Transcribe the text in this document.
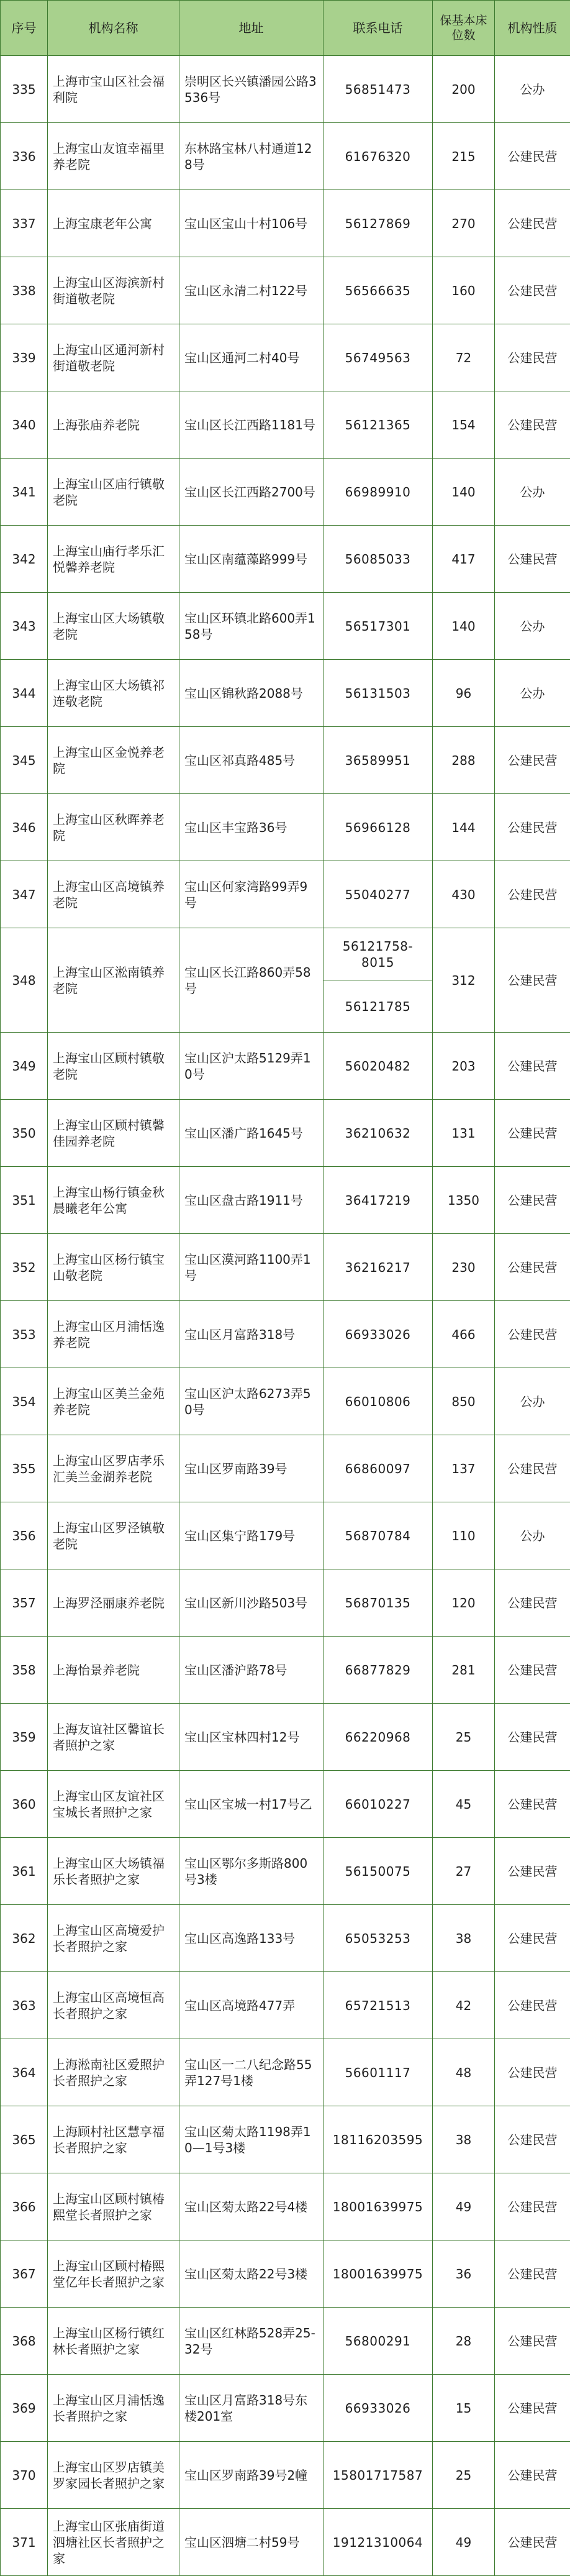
序号	机构名称	地址	联系电话	保基本床位数	机构性质
335	上海市宝山区社会福利院	崇明区长兴镇潘园公路3536号	56851473	200	公办
336	上海宝山友谊幸福里养老院	东林路宝林八村通道128号	61676320	215	公建民营
337	上海宝康老年公寓	宝山区宝山十村106号	56127869	270	公建民营
338	上海宝山区海滨新村街道敬老院	宝山区永清二村122号	56566635	160	公建民营
339	上海宝山区通河新村街道敬老院	宝山区通河二村40号	56749563	72	公建民营
340	上海张庙养老院	宝山区长江西路1181号	56121365	154	公建民营
341	上海宝山区庙行镇敬老院	宝山区长江西路2700号	66989910	140	公办
342	上海宝山庙行孝乐汇悦馨养老院	宝山区南蕴藻路999号	56085033	417	公建民营
343	上海宝山区大场镇敬老院	宝山区环镇北路600弄158号	56517301	140	公办
344	上海宝山区大场镇祁连敬老院	宝山区锦秋路2088号	56131503	96	公办
345	上海宝山区金悦养老院	宝山区祁真路485号	36589951	288	公建民营
346	上海宝山区秋晖养老院	宝山区丰宝路36号	56966128	144	公建民营
347	上海宝山区高境镇养老院	宝山区何家湾路99弄9号	55040277	430	公建民营
348	上海宝山区淞南镇养老院	宝山区长江路860弄58号	56121758-8015	312	公建民营
			56121785		
349	上海宝山区顾村镇敬老院	宝山区沪太路5129弄10号	56020482	203	公建民营
350	上海宝山区顾村镇馨佳园养老院	宝山区潘广路1645号	36210632	131	公建民营
351	上海宝山杨行镇金秋晨曦老年公寓	宝山区盘古路1911号	36417219	1350	公建民营
352	上海宝山区杨行镇宝山敬老院	宝山区漠河路1100弄1号	36216217	230	公建民营
353	上海宝山区月浦恬逸养老院	宝山区月富路318号	66933026	466	公建民营
354	上海宝山区美兰金苑养老院	宝山区沪太路6273弄50号	66010806	850	公办
355	上海宝山区罗店孝乐汇美兰金湖养老院	宝山区罗南路39号	66860097	137	公建民营
356	上海宝山区罗泾镇敬老院	宝山区集宁路179号	56870784	110	公办
357	上海罗泾丽康养老院	宝山区新川沙路503号	56870135	120	公建民营
358	上海怡景养老院	宝山区潘沪路78号	66877829	281	公建民营
359	上海友谊社区馨谊长者照护之家	宝山区宝林四村12号	66220968	25	公建民营
360	上海宝山区友谊社区宝城长者照护之家	宝山区宝城一村17号乙	66010227	45	公建民营
361	上海宝山区大场镇福乐长者照护之家	宝山区鄂尔多斯路800号3楼	56150075	27	公建民营
362	上海宝山区高境爱护长者照护之家	宝山区高逸路133号	65053253	38	公建民营
363	上海宝山区高境恒高长者照护之家	宝山区高境路477弄	65721513	42	公建民营
364	上海淞南社区爱照护长者照护之家	宝山区一二八纪念路55弄127号1楼	56601117	48	公建民营
365	上海顾村社区慧享福长者照护之家	宝山区菊太路1198弄10—1号3楼	18116203595	38	公建民营
366	上海宝山区顾村镇椿熙堂长者照护之家	宝山区菊太路22号4楼	18001639975	49	公建民营
367	上海宝山区顾村椿熙堂亿年长者照护之家	宝山区菊太路22号3楼	18001639975	36	公建民营
368	上海宝山区杨行镇红林长者照护之家	宝山区红林路528弄25-32号	56800291	28	公建民营
369	上海宝山区月浦恬逸长者照护之家	宝山区月富路318号东楼201室	66933026	15	公建民营
370	上海宝山区罗店镇美罗家园长者照护之家	宝山区罗南路39号2幢	15801717587	25	公建民营
371	上海宝山区张庙街道泗塘社区长者照护之家	宝山区泗塘二村59号	19121310064	49	公建民营
